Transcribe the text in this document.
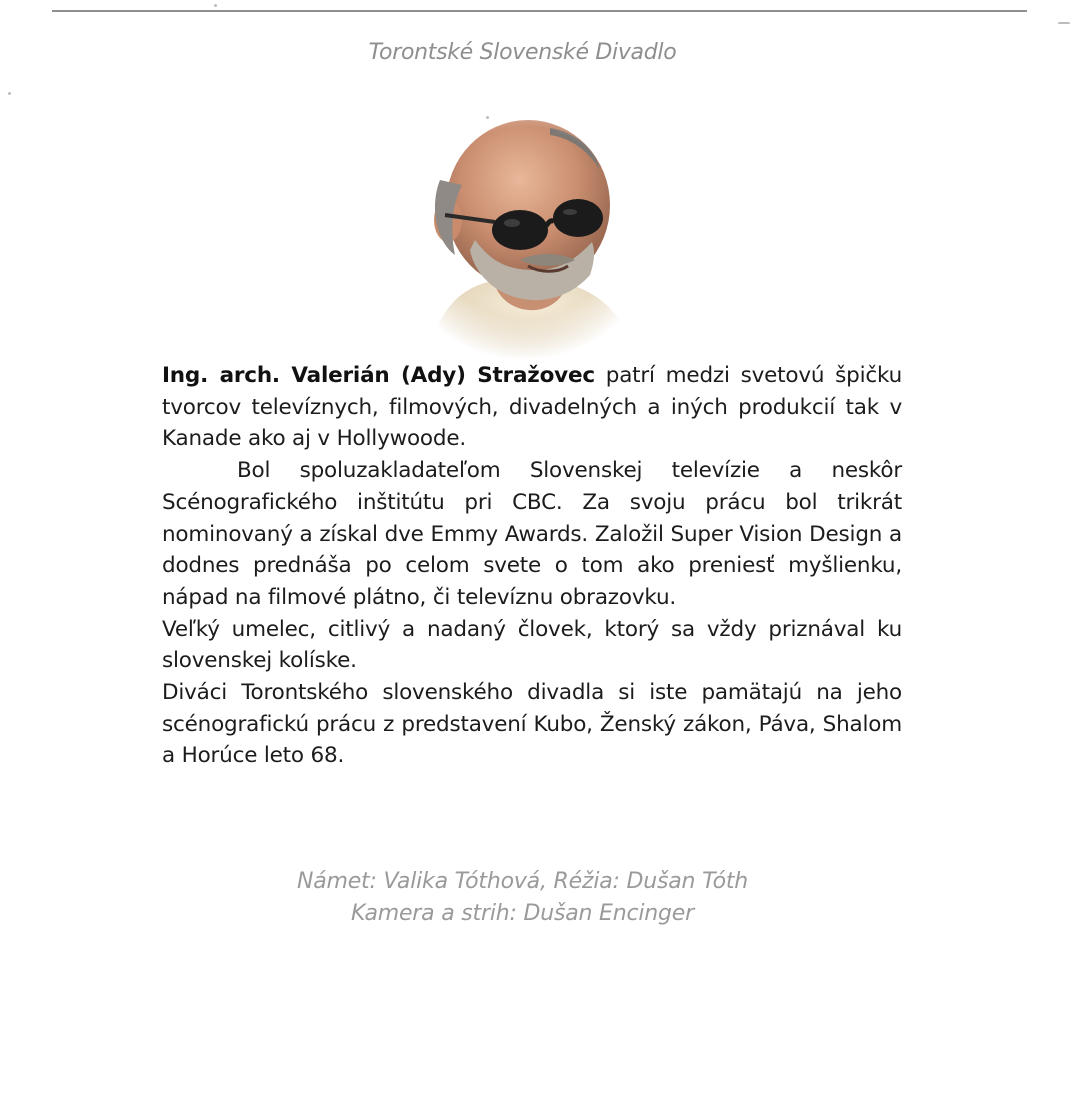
Torontské Slovenské Divadlo

Ing. arch. Valerián (Ady) Stražovec patrí medzi svetovú špičku tvorcov televíznych, filmových, divadelných a iných produkcií tak v Kanade ako aj v Hollywoode.

Bol spoluzakladateľom Slovenskej televízie a neskôr Scénografického inštitútu pri CBC. Za svoju prácu bol trikrát nominovaný a získal dve Emmy Awards. Založil Super Vision Design a dodnes prednáša po celom svete o tom ako preniesť myšlienku, nápad na filmové plátno, či televíznu obrazovku.

Veľký umelec, citlivý a nadaný človek, ktorý sa vždy priznával ku slovenskej kolíske.

Diváci Torontského slovenského divadla si iste pamätajú na jeho scénografickú prácu z predstavení Kubo, Ženský zákon, Páva, Shalom a Horúce leto 68.

Námet: Valika Tóthová, Réžia: Dušan Tóth
Kamera a strih: Dušan Encinger
